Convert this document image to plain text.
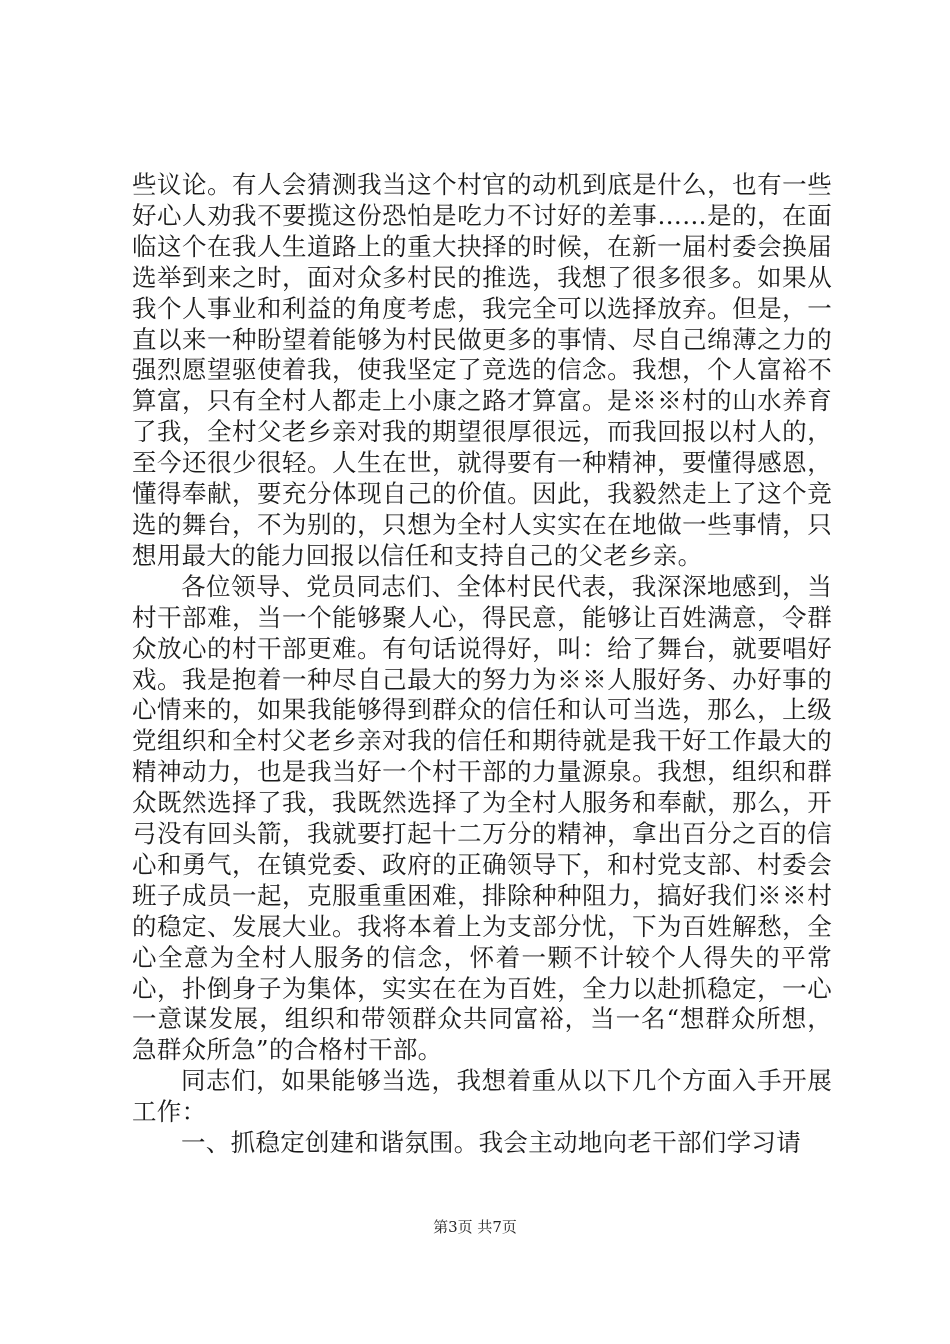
些议论。有人会猜测我当这个村官的动机到底是什么，也有一些好心人劝我不要揽这份恐怕是吃力不讨好的差事……是的，在面临这个在我人生道路上的重大抉择的时候，在新一届村委会换届选举到来之时，面对众多村民的推选，我想了很多很多。如果从我个人事业和利益的角度考虑，我完全可以选择放弃。但是，一直以来一种盼望着能够为村民做更多的事情、尽自己绵薄之力的强烈愿望驱使着我，使我坚定了竞选的信念。我想，个人富裕不算富，只有全村人都走上小康之路才算富。是※※村的山水养育了我，全村父老乡亲对我的期望很厚很远，而我回报以村人的，至今还很少很轻。人生在世，就得要有一种精神，要懂得感恩，懂得奉献，要充分体现自己的价值。因此，我毅然走上了这个竞选的舞台，不为别的，只想为全村人实实在在地做一些事情，只想用最大的能力回报以信任和支持自己的父老乡亲。

各位领导、党员同志们、全体村民代表，我深深地感到，当村干部难，当一个能够聚人心，得民意，能够让百姓满意，令群众放心的村干部更难。有句话说得好，叫：给了舞台，就要唱好戏。我是抱着一种尽自己最大的努力为※※人服好务、办好事的心情来的，如果我能够得到群众的信任和认可当选，那么，上级党组织和全村父老乡亲对我的信任和期待就是我干好工作最大的精神动力，也是我当好一个村干部的力量源泉。我想，组织和群众既然选择了我，我既然选择了为全村人服务和奉献，那么，开弓没有回头箭，我就要打起十二万分的精神，拿出百分之百的信心和勇气，在镇党委、政府的正确领导下，和村党支部、村委会班子成员一起，克服重重困难，排除种种阻力，搞好我们※※村的稳定、发展大业。我将本着上为支部分忧，下为百姓解愁，全心全意为全村人服务的信念，怀着一颗不计较个人得失的平常心，扑倒身子为集体，实实在在为百姓，全力以赴抓稳定，一心一意谋发展，组织和带领群众共同富裕，当一名“想群众所想，急群众所急”的合格村干部。

同志们，如果能够当选，我想着重从以下几个方面入手开展工作：

一、抓稳定创建和谐氛围。我会主动地向老干部们学习请

第3页 共7页
